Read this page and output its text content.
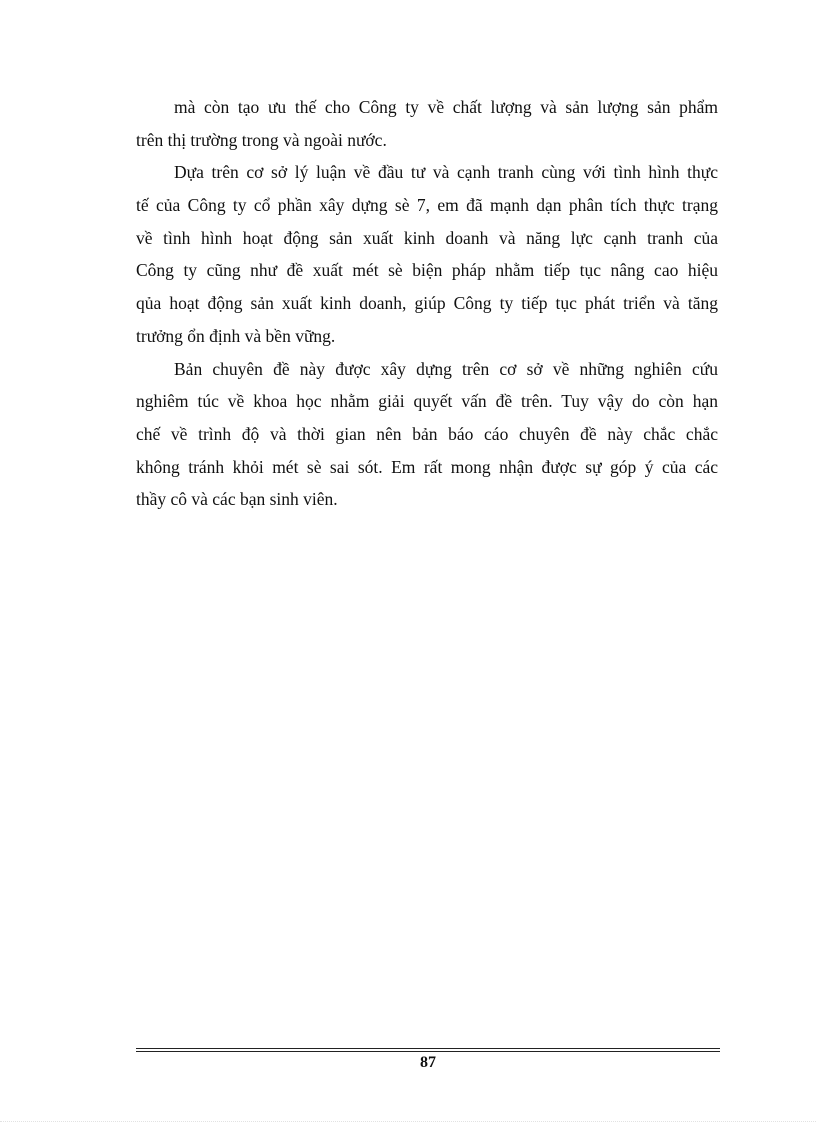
mà còn tạo ưu thế cho Công ty về chất lượng và sản lượng sản phẩm
trên thị trường trong và ngoài nước.

Dựa trên cơ sở lý luận về đầu tư và cạnh tranh cùng với tình hình thực
tế của Công ty cổ phần xây dựng sè 7, em đã mạnh dạn phân tích thực trạng
về tình hình hoạt động sản xuất kinh doanh và năng lực cạnh tranh của
Công ty cũng như đề xuất mét sè biện pháp nhằm tiếp tục nâng cao hiệu
qủa hoạt động sản xuất kinh doanh, giúp Công ty tiếp tục phát triển và tăng
trưởng ổn định và bền vững.

Bản chuyên đề này được xây dựng trên cơ sở về những nghiên cứu
nghiêm túc về khoa học nhằm giải quyết vấn đề trên. Tuy vậy do còn hạn
chế về trình độ và thời gian nên bản báo cáo chuyên đề này chắc chắc
không tránh khỏi mét sè sai sót. Em rất mong nhận được sự góp ý của các
thầy cô và các bạn sinh viên.

87
